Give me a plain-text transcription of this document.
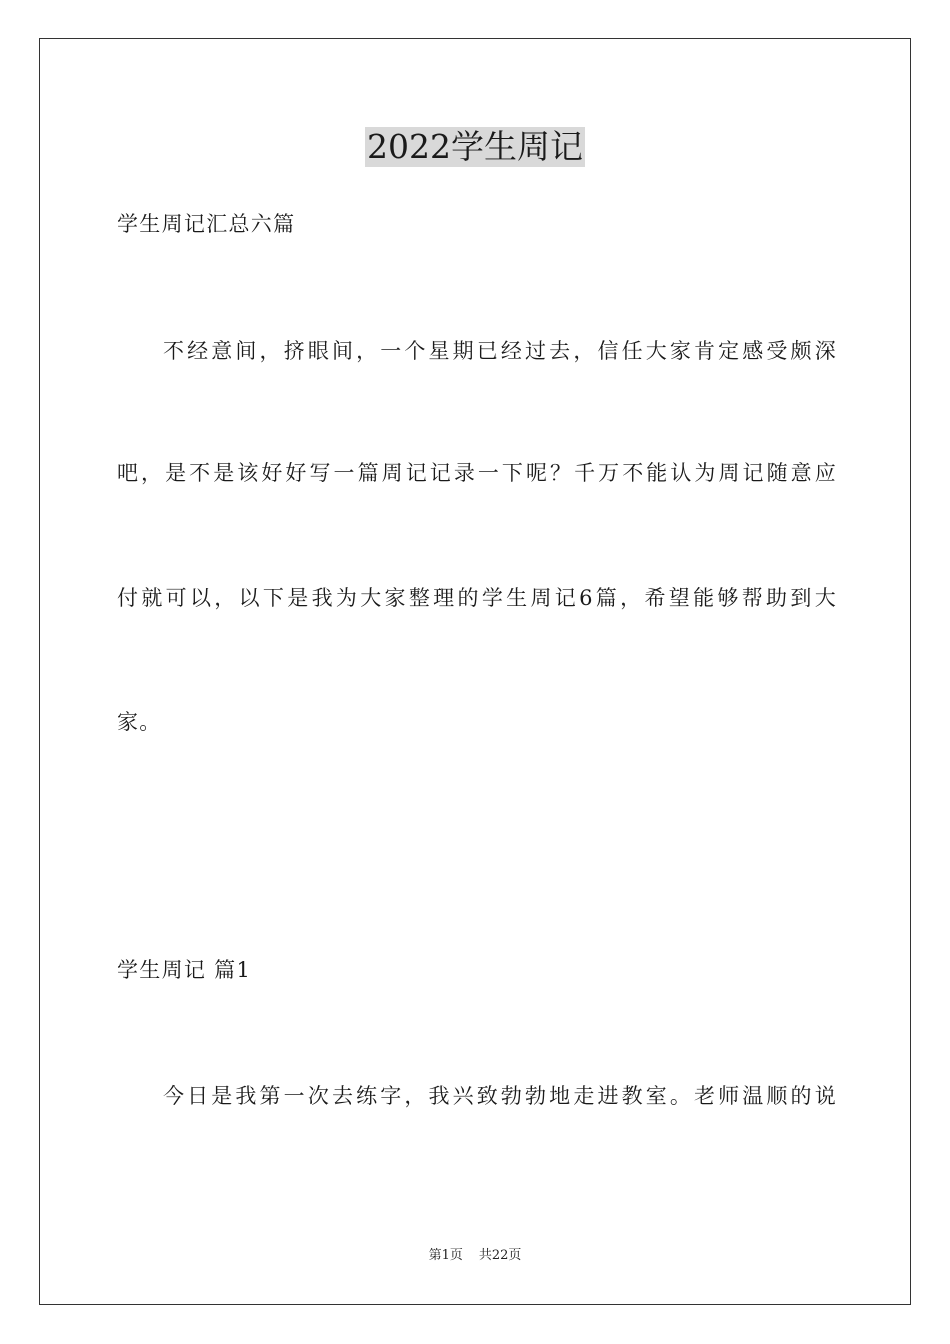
2022学生周记
学生周记汇总六篇
不经意间，挤眼间，一个星期已经过去，信任大家肯定感受颇深
吧，是不是该好好写一篇周记记录一下呢？千万不能认为周记随意应
付就可以，以下是我为大家整理的学生周记6篇，希望能够帮助到大
家。
学生周记 篇1
今日是我第一次去练字，我兴致勃勃地走进教室。老师温顺的说
第1页 共22页
